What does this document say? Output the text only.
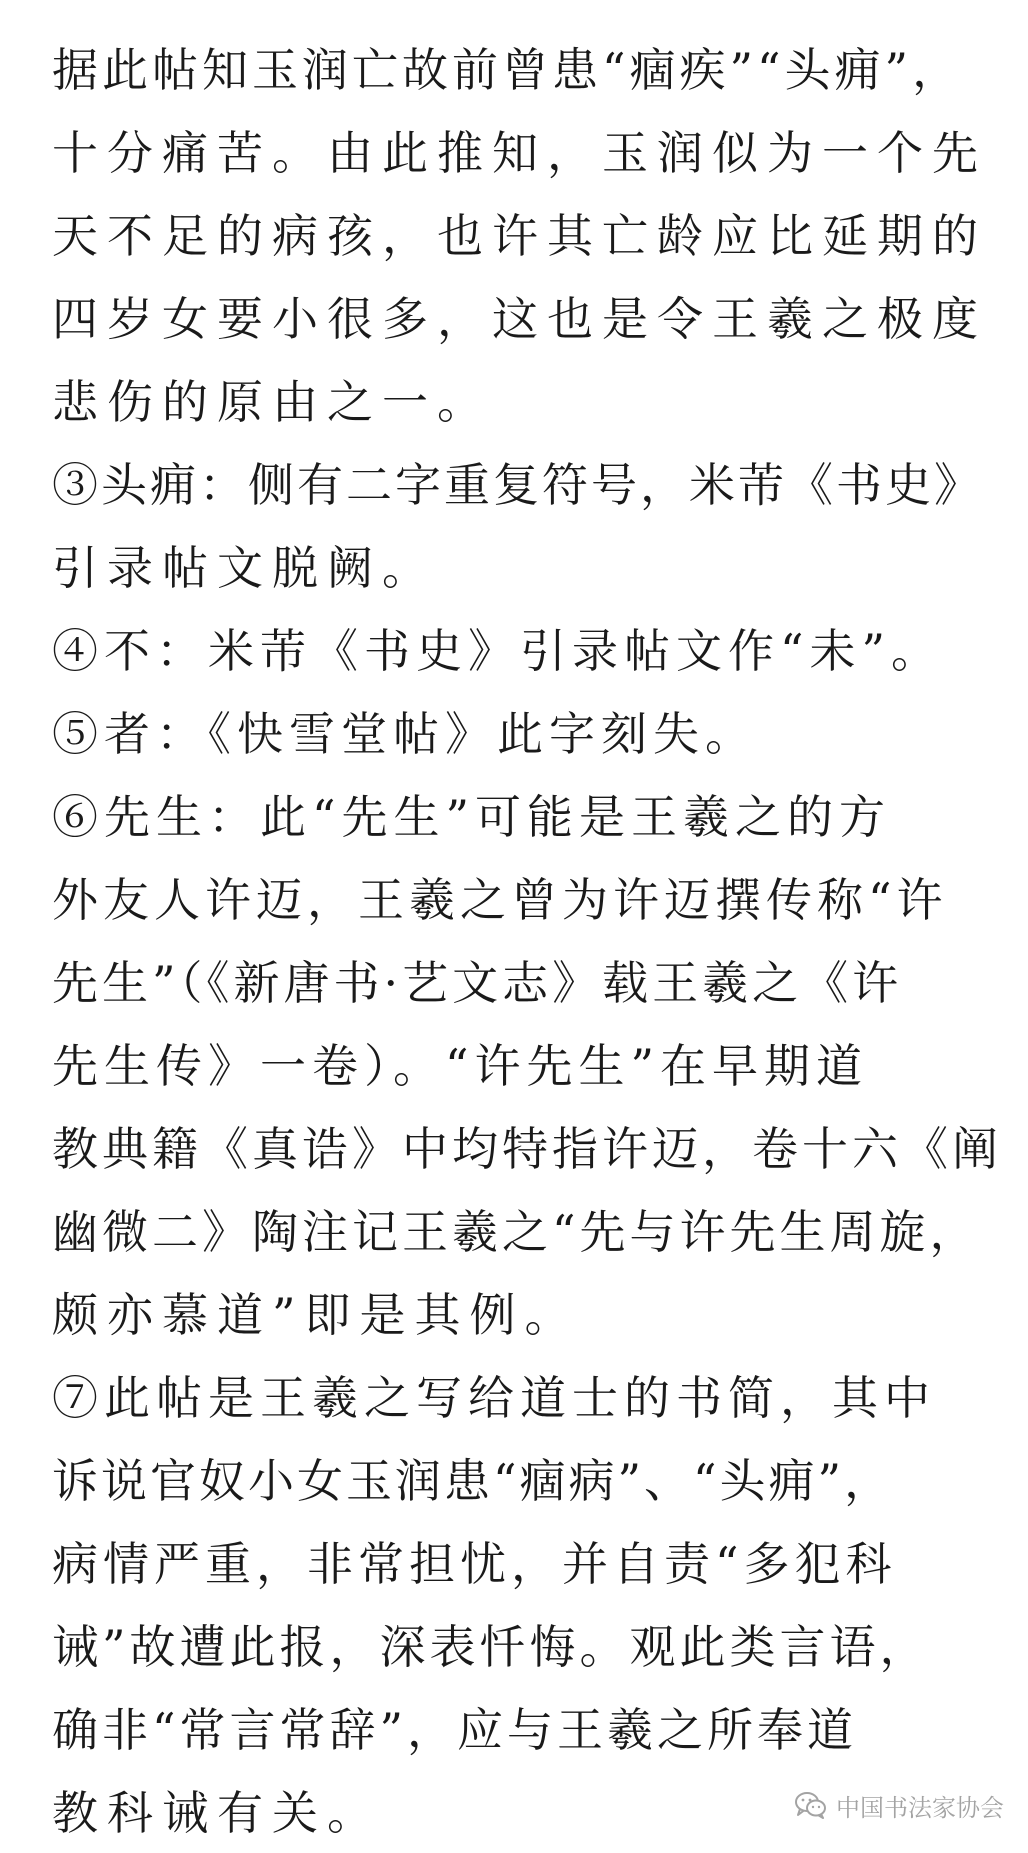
据此帖知玉润亡故前曾患“痼疾”“头痈”，
十分痛苦。由此推知，玉润似为一个先
天不足的病孩，也许其亡龄应比延期的
四岁女要小很多，这也是令王羲之极度
悲伤的原由之一。
③头痈：侧有二字重复符号，米芾《书史》
引录帖文脱阙。
④不：米芾《书史》引录帖文作“未”。
⑤者：《快雪堂帖》此字刻失。
⑥先生：此“先生”可能是王羲之的方
外友人许迈，王羲之曾为许迈撰传称“许
先生”（《新唐书·艺文志》载王羲之《许
先生传》一卷）。“许先生”在早期道
教典籍《真诰》中均特指许迈，卷十六《阐
幽微二》陶注记王羲之“先与许先生周旋，
颇亦慕道”即是其例。
⑦此帖是王羲之写给道士的书简，其中
诉说官奴小女玉润患“痼病”、“头痈”，
病情严重，非常担忧，并自责“多犯科
诫”故遭此报，深表忏悔。观此类言语，
确非“常言常辞”，应与王羲之所奉道
教科诫有关。	中国书法家协会
